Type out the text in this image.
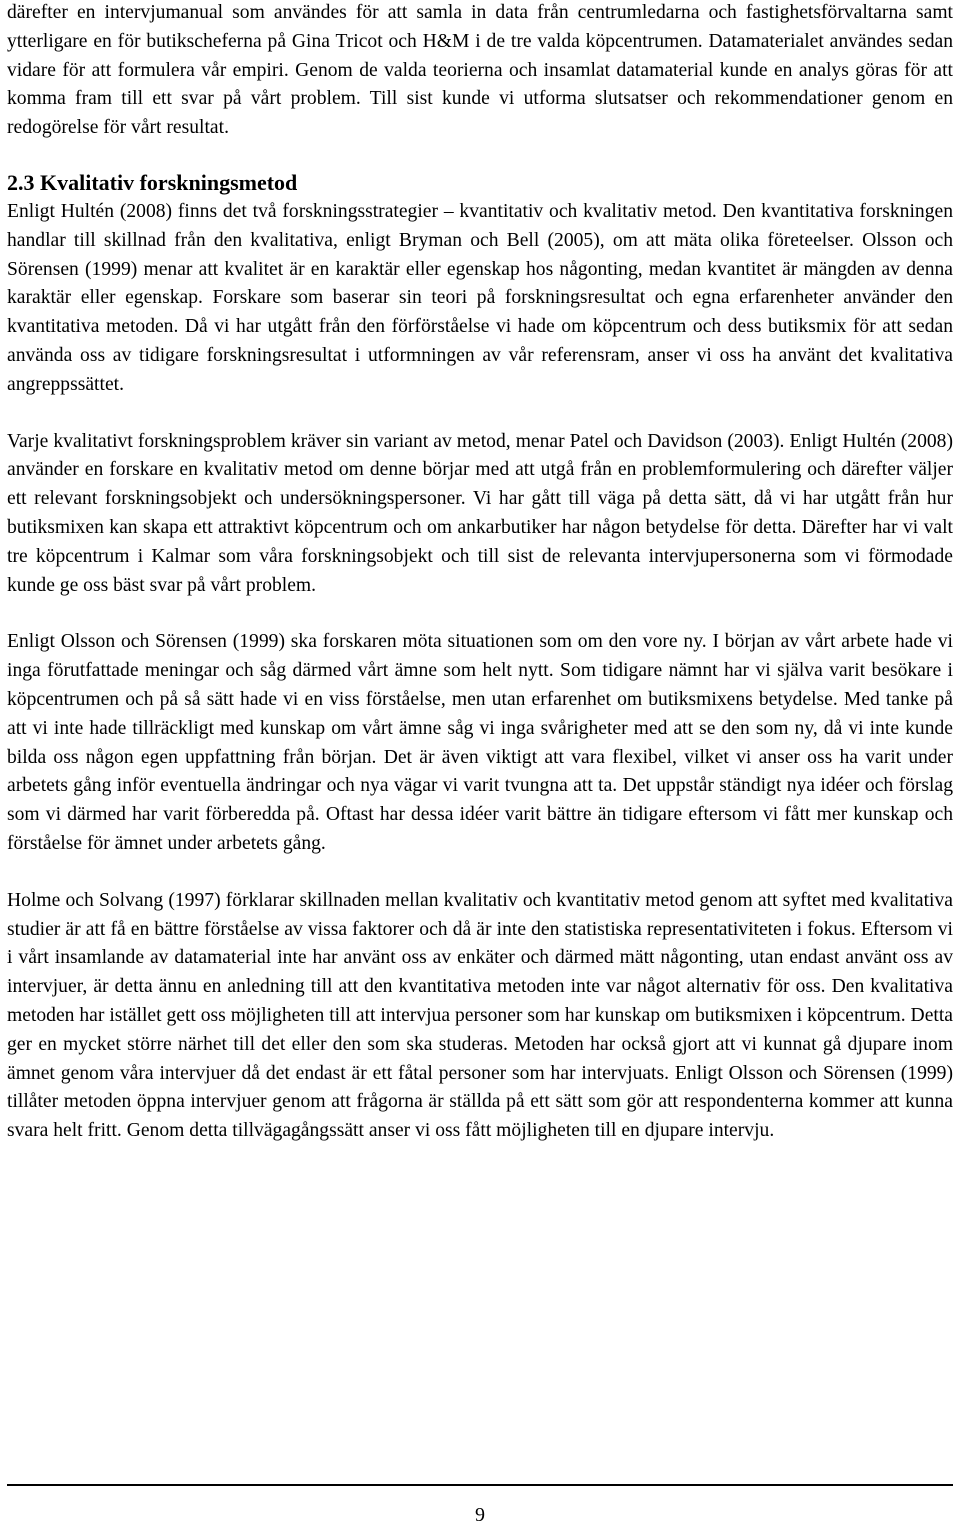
därefter en intervjumanual som användes för att samla in data från centrumledarna och fastighetsförvaltarna samt ytterligare en för butikscheferna på Gina Tricot och H&M i de tre valda köpcentrumen. Datamaterialet användes sedan vidare för att formulera vår empiri. Genom de valda teorierna och insamlat datamaterial kunde en analys göras för att komma fram till ett svar på vårt problem. Till sist kunde vi utforma slutsatser och rekommendationer genom en redogörelse för vårt resultat.

2.3 Kvalitativ forskningsmetod

Enligt Hultén (2008) finns det två forskningsstrategier – kvantitativ och kvalitativ metod. Den kvantitativa forskningen handlar till skillnad från den kvalitativa, enligt Bryman och Bell (2005), om att mäta olika företeelser. Olsson och Sörensen (1999) menar att kvalitet är en karaktär eller egenskap hos någonting, medan kvantitet är mängden av denna karaktär eller egenskap. Forskare som baserar sin teori på forskningsresultat och egna erfarenheter använder den kvantitativa metoden. Då vi har utgått från den förförståelse vi hade om köpcentrum och dess butiksmix för att sedan använda oss av tidigare forskningsresultat i utformningen av vår referensram, anser vi oss ha använt det kvalitativa angreppssättet.

Varje kvalitativt forskningsproblem kräver sin variant av metod, menar Patel och Davidson (2003). Enligt Hultén (2008) använder en forskare en kvalitativ metod om denne börjar med att utgå från en problemformulering och därefter väljer ett relevant forskningsobjekt och undersökningspersoner. Vi har gått till väga på detta sätt, då vi har utgått från hur butiksmixen kan skapa ett attraktivt köpcentrum och om ankarbutiker har någon betydelse för detta. Därefter har vi valt tre köpcentrum i Kalmar som våra forskningsobjekt och till sist de relevanta intervjupersonerna som vi förmodade kunde ge oss bäst svar på vårt problem.

Enligt Olsson och Sörensen (1999) ska forskaren möta situationen som om den vore ny. I början av vårt arbete hade vi inga förutfattade meningar och såg därmed vårt ämne som helt nytt. Som tidigare nämnt har vi själva varit besökare i köpcentrumen och på så sätt hade vi en viss förståelse, men utan erfarenhet om butiksmixens betydelse. Med tanke på att vi inte hade tillräckligt med kunskap om vårt ämne såg vi inga svårigheter med att se den som ny, då vi inte kunde bilda oss någon egen uppfattning från början. Det är även viktigt att vara flexibel, vilket vi anser oss ha varit under arbetets gång inför eventuella ändringar och nya vägar vi varit tvungna att ta. Det uppstår ständigt nya idéer och förslag som vi därmed har varit förberedda på. Oftast har dessa idéer varit bättre än tidigare eftersom vi fått mer kunskap och förståelse för ämnet under arbetets gång.

Holme och Solvang (1997) förklarar skillnaden mellan kvalitativ och kvantitativ metod genom att syftet med kvalitativa studier är att få en bättre förståelse av vissa faktorer och då är inte den statistiska representativiteten i fokus. Eftersom vi i vårt insamlande av datamaterial inte har använt oss av enkäter och därmed mätt någonting, utan endast använt oss av intervjuer, är detta ännu en anledning till att den kvantitativa metoden inte var något alternativ för oss. Den kvalitativa metoden har istället gett oss möjligheten till att intervjua personer som har kunskap om butiksmixen i köpcentrum. Detta ger en mycket större närhet till det eller den som ska studeras. Metoden har också gjort att vi kunnat gå djupare inom ämnet genom våra intervjuer då det endast är ett fåtal personer som har intervjuats. Enligt Olsson och Sörensen (1999) tillåter metoden öppna intervjuer genom att frågorna är ställda på ett sätt som gör att respondenterna kommer att kunna svara helt fritt. Genom detta tillvägagångssätt anser vi oss fått möjligheten till en djupare intervju.

9
